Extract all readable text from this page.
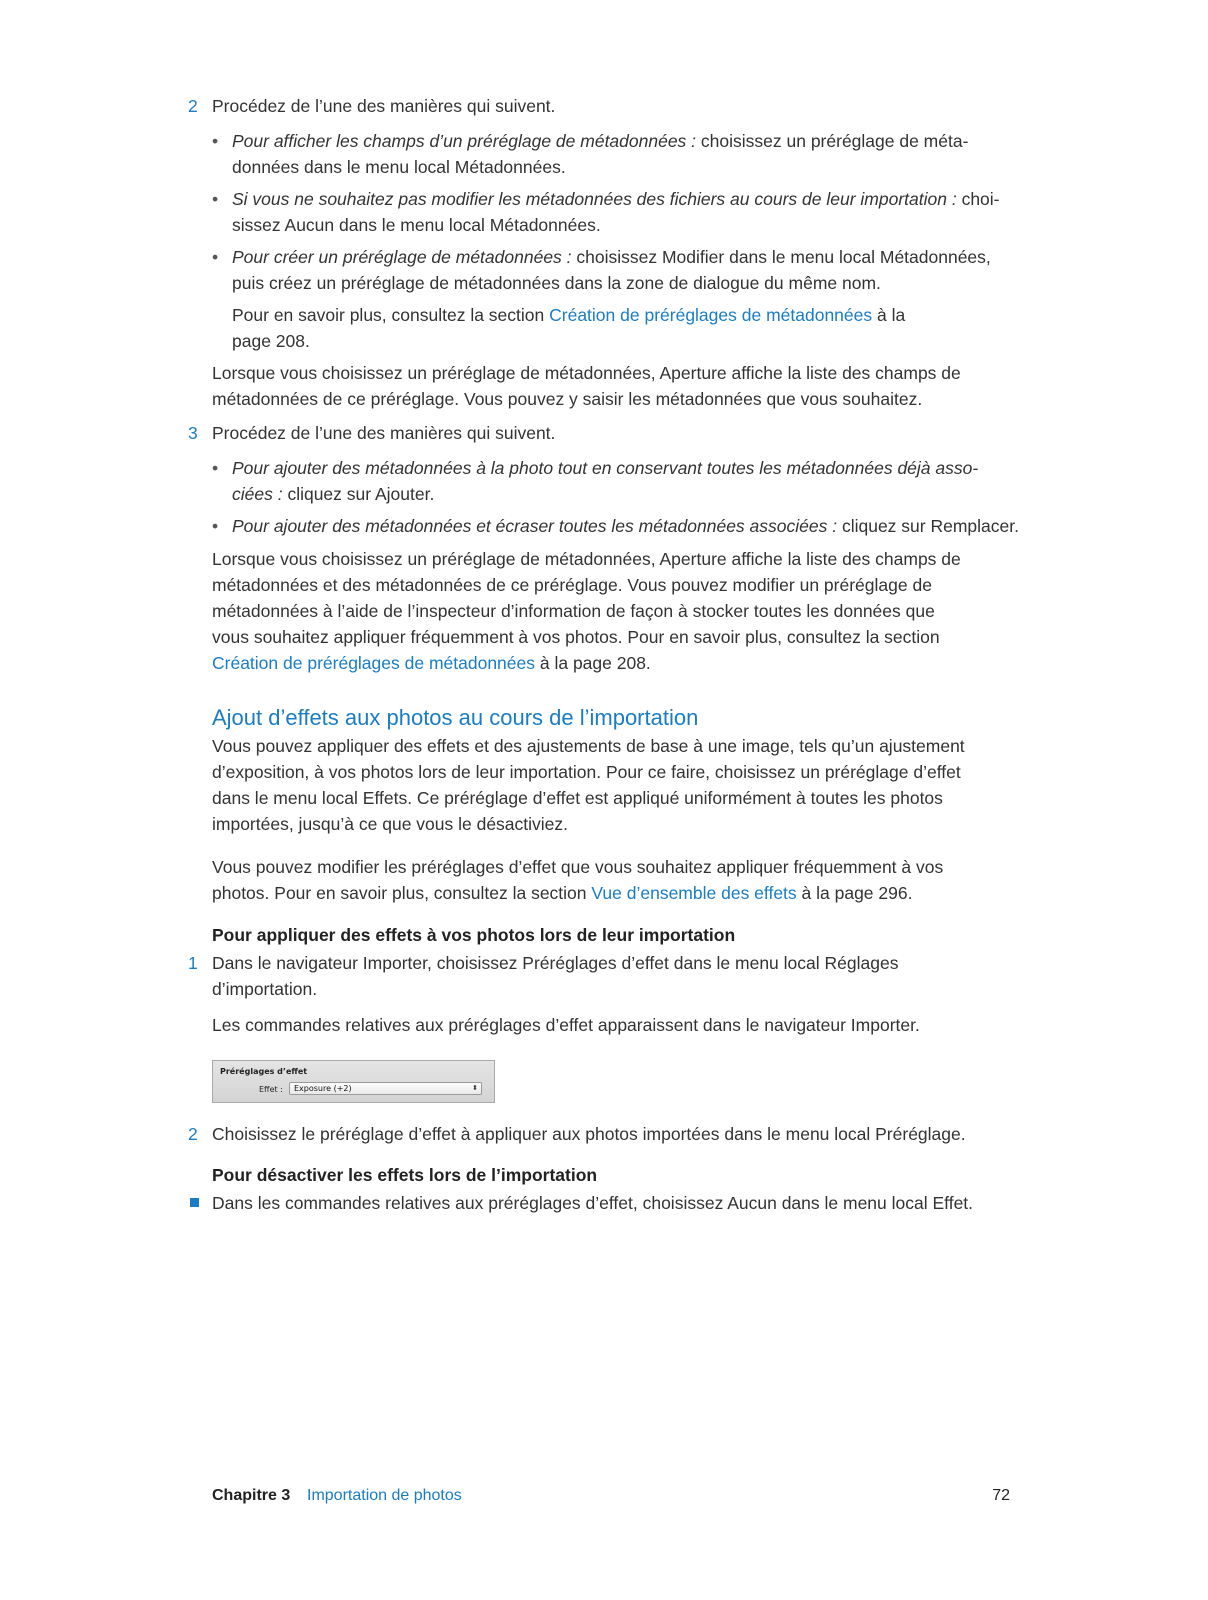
2 Procédez de l’une des manières qui suivent.

• Pour afficher les champs d’un préréglage de métadonnées : choisissez un préréglage de méta-
données dans le menu local Métadonnées.

• Si vous ne souhaitez pas modifier les métadonnées des fichiers au cours de leur importation : choi-
sissez Aucun dans le menu local Métadonnées.

• Pour créer un préréglage de métadonnées : choisissez Modifier dans le menu local Métadonnées,
puis créez un préréglage de métadonnées dans la zone de dialogue du même nom.

Pour en savoir plus, consultez la section Création de préréglages de métadonnées à la
page 208.

Lorsque vous choisissez un préréglage de métadonnées, Aperture affiche la liste des champs de
métadonnées de ce préréglage. Vous pouvez y saisir les métadonnées que vous souhaitez.

3 Procédez de l’une des manières qui suivent.

• Pour ajouter des métadonnées à la photo tout en conservant toutes les métadonnées déjà asso-
ciées : cliquez sur Ajouter.

• Pour ajouter des métadonnées et écraser toutes les métadonnées associées : cliquez sur Remplacer.

Lorsque vous choisissez un préréglage de métadonnées, Aperture affiche la liste des champs de
métadonnées et des métadonnées de ce préréglage. Vous pouvez modifier un préréglage de
métadonnées à l’aide de l’inspecteur d’information de façon à stocker toutes les données que
vous souhaitez appliquer fréquemment à vos photos. Pour en savoir plus, consultez la section
Création de préréglages de métadonnées à la page 208.

Ajout d’effets aux photos au cours de l’importation

Vous pouvez appliquer des effets et des ajustements de base à une image, tels qu’un ajustement
d’exposition, à vos photos lors de leur importation. Pour ce faire, choisissez un préréglage d’effet
dans le menu local Effets. Ce préréglage d’effet est appliqué uniformément à toutes les photos
importées, jusqu’à ce que vous le désactiviez.

Vous pouvez modifier les préréglages d’effet que vous souhaitez appliquer fréquemment à vos
photos. Pour en savoir plus, consultez la section Vue d’ensemble des effets à la page 296.

Pour appliquer des effets à vos photos lors de leur importation
1 Dans le navigateur Importer, choisissez Préréglages d’effet dans le menu local Réglages
d’importation.

Les commandes relatives aux préréglages d’effet apparaissent dans le navigateur Importer.

Préréglages d’effet
Effet :	Exposure (+2)	⬍
2 Choisissez le préréglage d’effet à appliquer aux photos importées dans le menu local Préréglage.

Pour désactiver les effets lors de l’importation

Dans les commandes relatives aux préréglages d’effet, choisissez Aucun dans le menu local Effet.

Chapitre 3 Importation de photos	72
